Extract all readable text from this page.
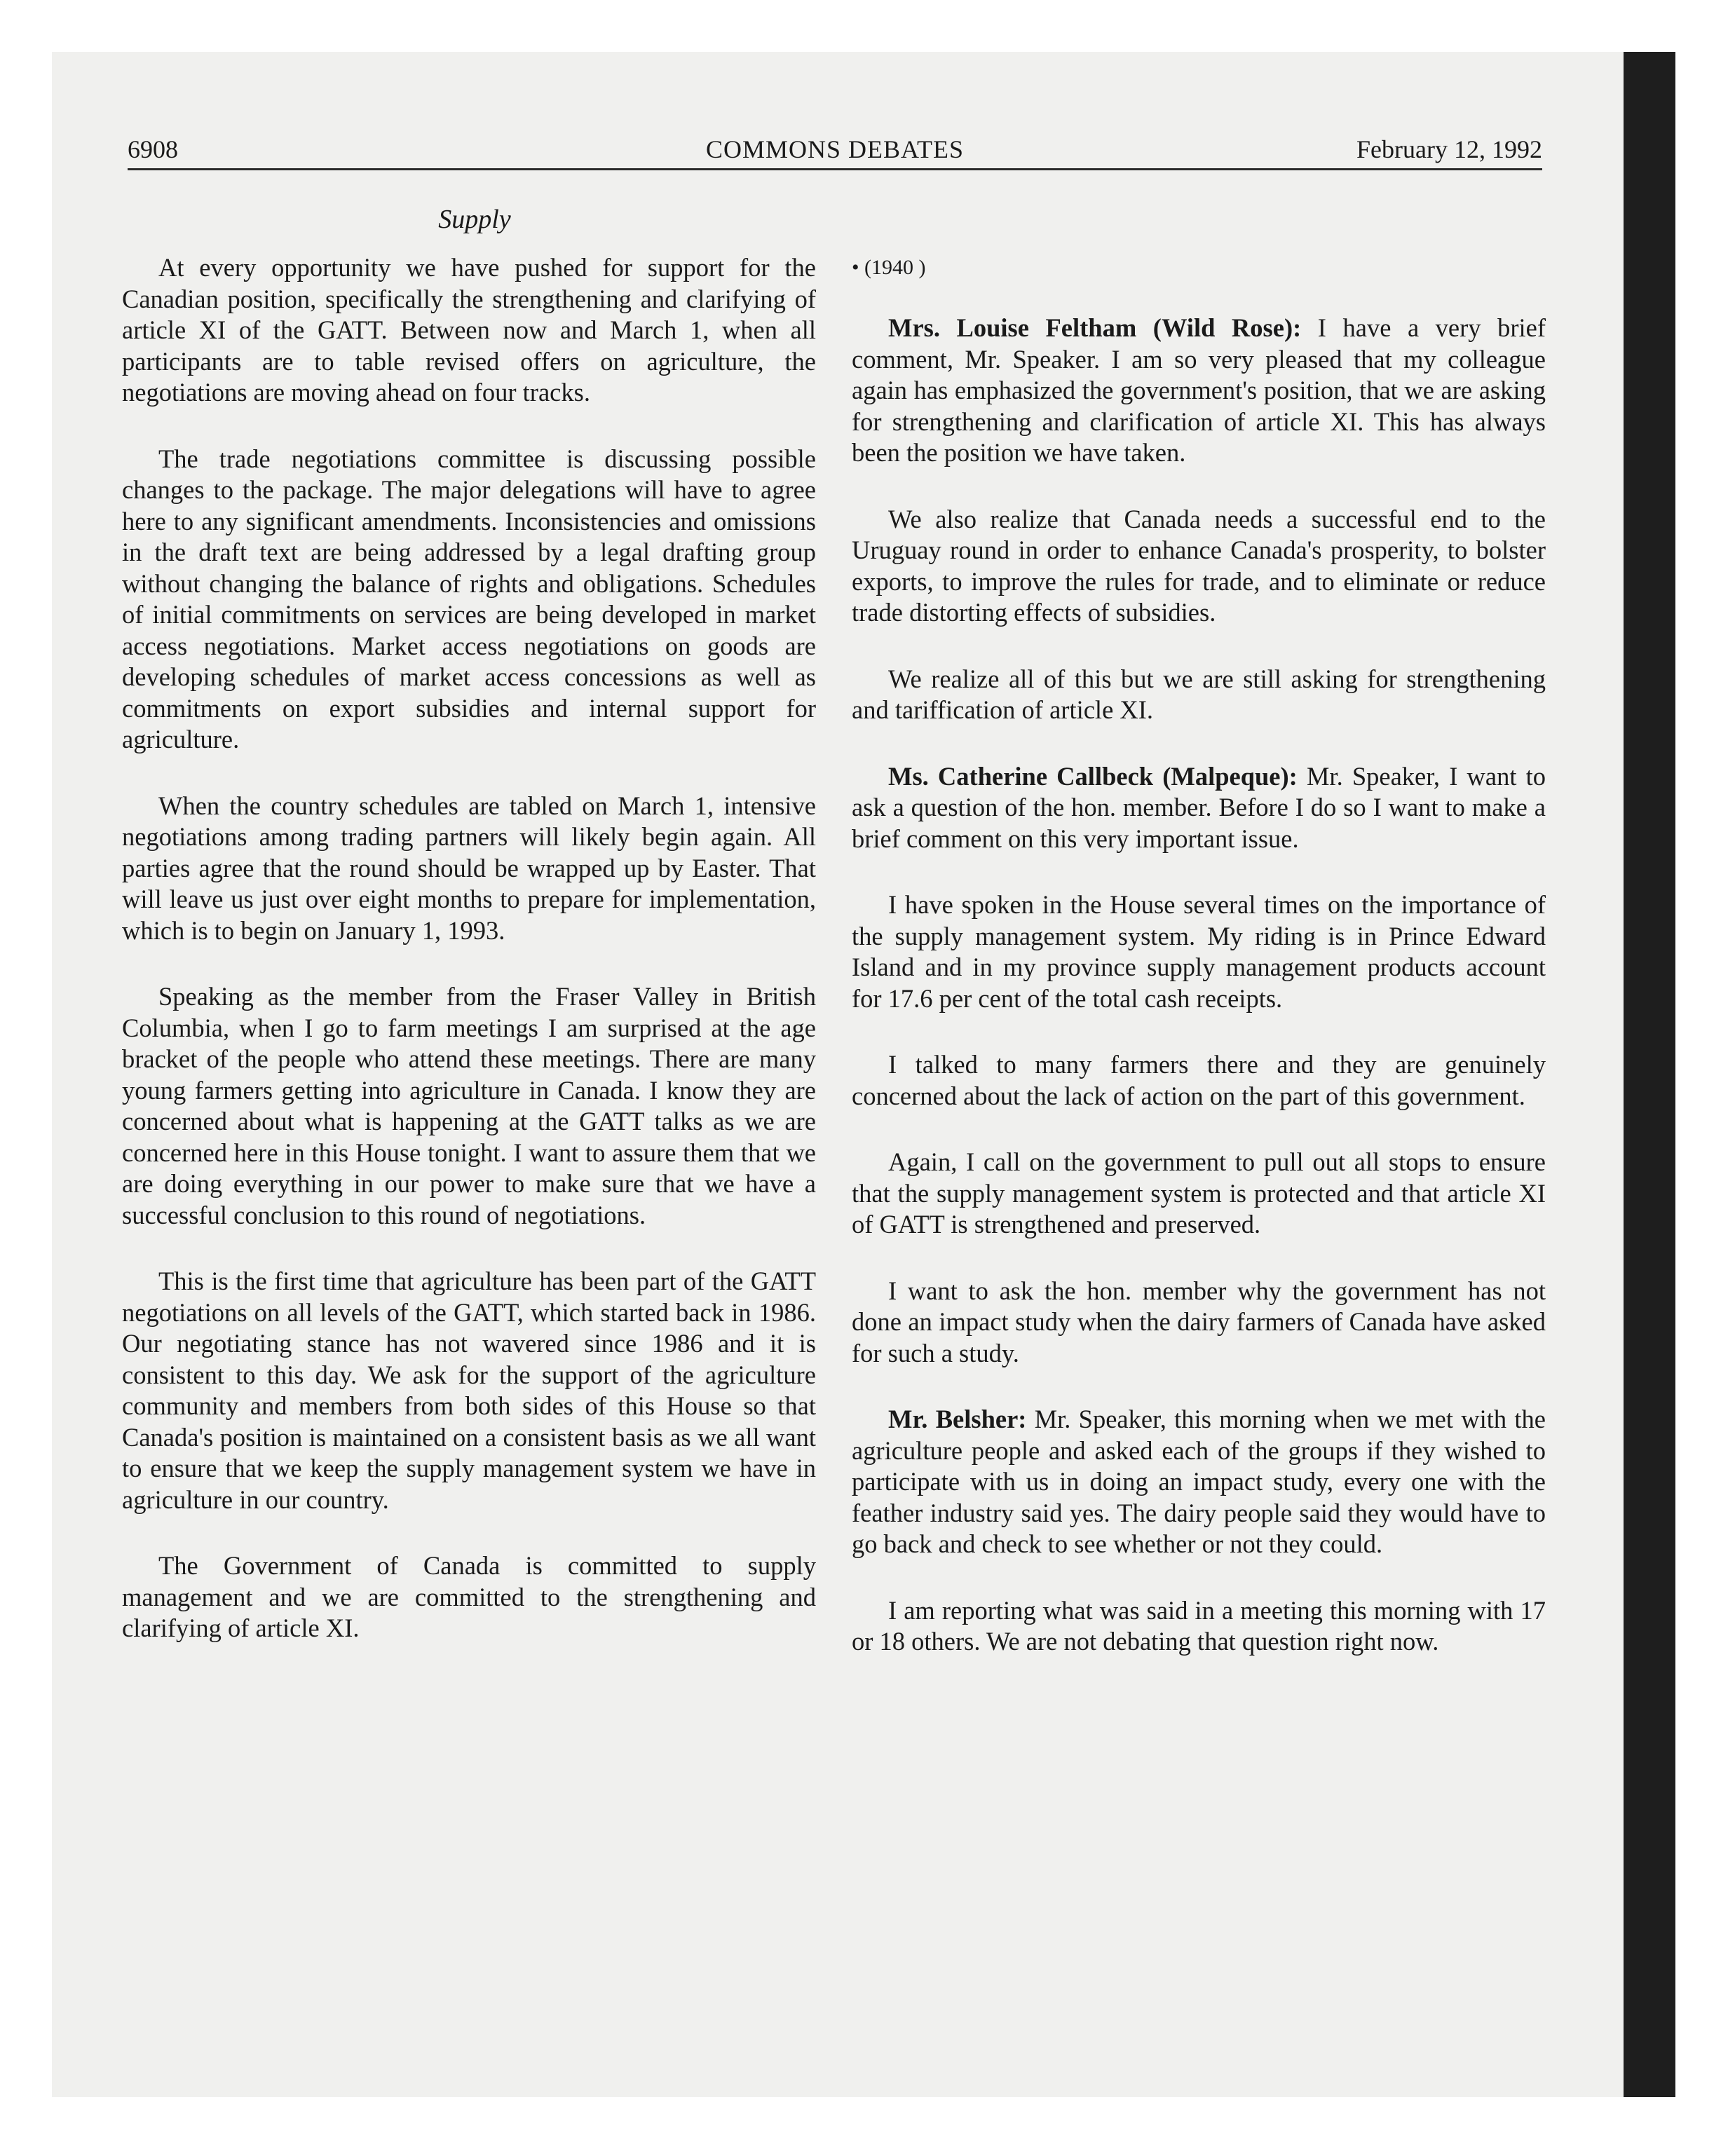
6908	COMMONS DEBATES	February 12, 1992
Supply

At every opportunity we have pushed for support for the Canadian position, specifically the strengthening and clarifying of article XI of the GATT. Between now and March 1, when all participants are to table revised offers on agriculture, the negotiations are moving ahead on four tracks.

The trade negotiations committee is discussing possible changes to the package. The major delegations will have to agree here to any significant amendments. Inconsistencies and omissions in the draft text are being addressed by a legal drafting group without changing the balance of rights and obligations. Schedules of initial commitments on services are being developed in market access negotiations. Market access negotiations on goods are developing schedules of market access concessions as well as commitments on export subsidies and internal support for agriculture.

When the country schedules are tabled on March 1, intensive negotiations among trading partners will likely begin again. All parties agree that the round should be wrapped up by Easter. That will leave us just over eight months to prepare for implementation, which is to begin on January 1, 1993.

Speaking as the member from the Fraser Valley in British Columbia, when I go to farm meetings I am surprised at the age bracket of the people who attend these meetings. There are many young farmers getting into agriculture in Canada. I know they are concerned about what is happening at the GATT talks as we are concerned here in this House tonight. I want to assure them that we are doing everything in our power to make sure that we have a successful conclusion to this round of negotiations.

This is the first time that agriculture has been part of the GATT negotiations on all levels of the GATT, which started back in 1986. Our negotiating stance has not wavered since 1986 and it is consistent to this day. We ask for the support of the agriculture community and members from both sides of this House so that Canada's position is maintained on a consistent basis as we all want to ensure that we keep the supply management system we have in agriculture in our country.

The Government of Canada is committed to supply management and we are committed to the strengthening and clarifying of article XI.

• (1940 )

Mrs. Louise Feltham (Wild Rose): I have a very brief comment, Mr. Speaker. I am so very pleased that my colleague again has emphasized the government's position, that we are asking for strengthening and clarification of article XI. This has always been the position we have taken.

We also realize that Canada needs a successful end to the Uruguay round in order to enhance Canada's prosperity, to bolster exports, to improve the rules for trade, and to eliminate or reduce trade distorting effects of subsidies.

We realize all of this but we are still asking for strengthening and tariffication of article XI.

Ms. Catherine Callbeck (Malpeque): Mr. Speaker, I want to ask a question of the hon. member. Before I do so I want to make a brief comment on this very important issue.

I have spoken in the House several times on the importance of the supply management system. My riding is in Prince Edward Island and in my province supply management products account for 17.6 per cent of the total cash receipts.

I talked to many farmers there and they are genuinely concerned about the lack of action on the part of this government.

Again, I call on the government to pull out all stops to ensure that the supply management system is protected and that article XI of GATT is strengthened and preserved.

I want to ask the hon. member why the government has not done an impact study when the dairy farmers of Canada have asked for such a study.

Mr. Belsher: Mr. Speaker, this morning when we met with the agriculture people and asked each of the groups if they wished to participate with us in doing an impact study, every one with the feather industry said yes. The dairy people said they would have to go back and check to see whether or not they could.

I am reporting what was said in a meeting this morning with 17 or 18 others. We are not debating that question right now.
